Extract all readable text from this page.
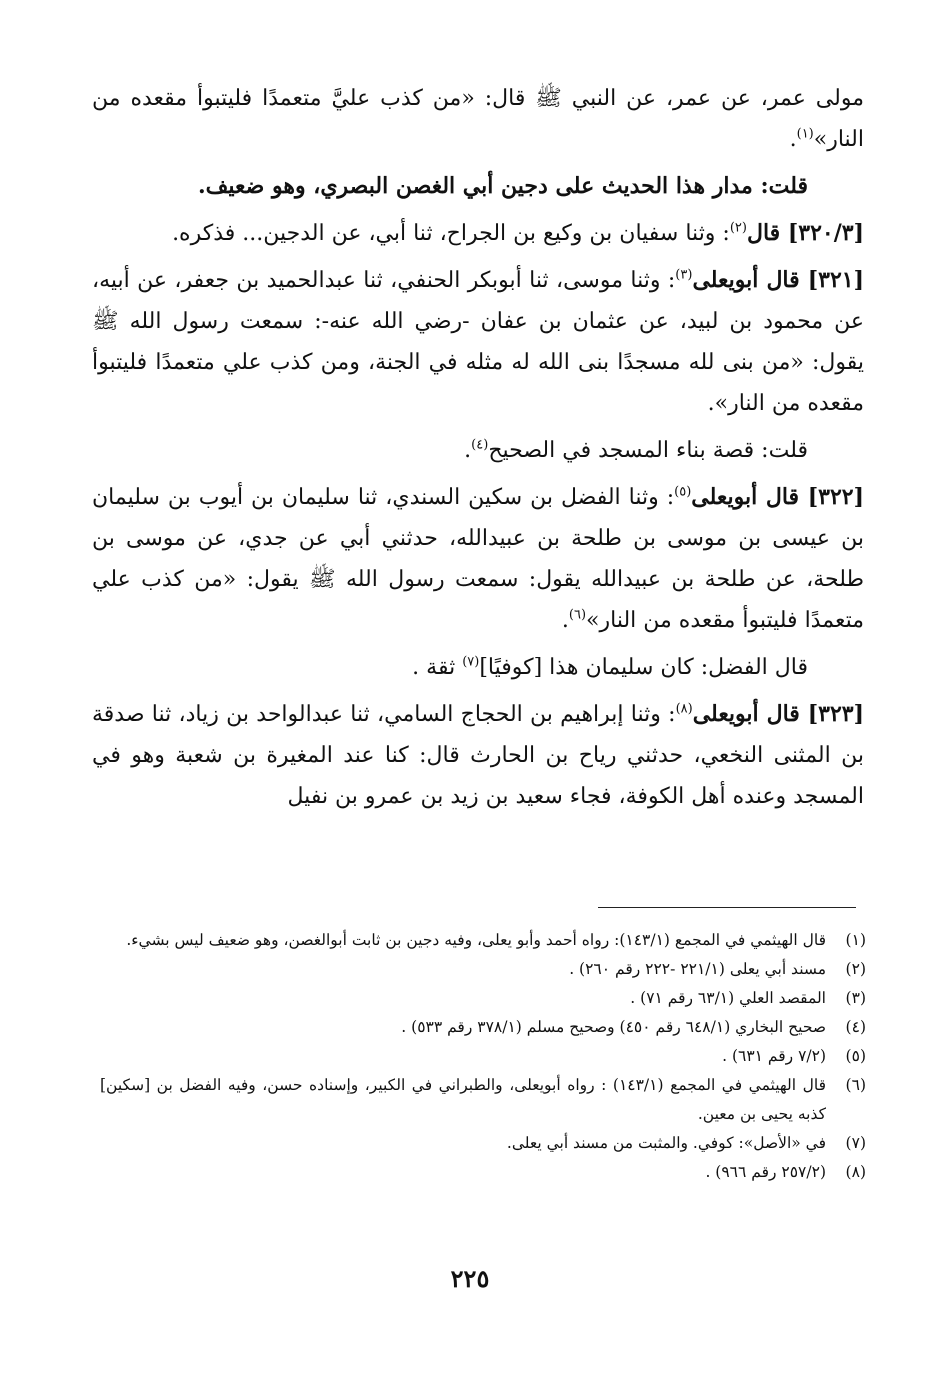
مولى عمر، عن عمر، عن النبي ﷺ قال: «من كذب عليَّ متعمدًا فليتبوأ مقعده من النار»$^{(١)}$.

قلت: مدار هذا الحديث على دجين أبي الغصن البصري، وهو ضعيف.

[٣٢٠/٣] قال$^{(٢)}$: وثنا سفيان بن وكيع بن الجراح، ثنا أبي، عن الدجين... فذكره.

[٣٢١] قال أبويعلى$^{(٣)}$: وثنا موسى، ثنا أبوبكر الحنفي، ثنا عبدالحميد بن جعفر، عن أبيه، عن محمود بن لبيد، عن عثمان بن عفان -رضي الله عنه-: سمعت رسول الله ﷺ يقول: «من بنى لله مسجدًا بنى الله له مثله في الجنة، ومن كذب علي متعمدًا فليتبوأ مقعده من النار».

قلت: قصة بناء المسجد في الصحيح$^{(٤)}$.

[٣٢٢] قال أبويعلى$^{(٥)}$: وثنا الفضل بن سكين السندي، ثنا سليمان بن أيوب بن سليمان بن عيسى بن موسى بن طلحة بن عبيدالله، حدثني أبي عن جدي، عن موسى بن طلحة، عن طلحة بن عبيدالله يقول: سمعت رسول الله ﷺ يقول: «من كذب علي متعمدًا فليتبوأ مقعده من النار»$^{(٦)}$.

قال الفضل: كان سليمان هذا [كوفيًا]$^{(٧)}$ ثقة .

[٣٢٣] قال أبويعلى$^{(٨)}$: وثنا إبراهيم بن الحجاج السامي، ثنا عبدالواحد بن زياد، ثنا صدقة بن المثنى النخعي، حدثني رياح بن الحارث قال: كنا عند المغيرة بن شعبة وهو في المسجد وعنده أهل الكوفة، فجاء سعيد بن زيد بن عمرو بن نفيل

(١)
قال الهيثمي في المجمع (١٤٣/١): رواه أحمد وأبو يعلى، وفيه دجين بن ثابت أبوالغصن، وهو ضعيف ليس بشيء.
(٢)
مسند أبي يعلى (٢٢١/١ -٢٢٢ رقم ٢٦٠) .
(٣)
المقصد العلي (٦٣/١ رقم ٧١) .
(٤)
صحيح البخاري (٦٤٨/١ رقم ٤٥٠) وصحيح مسلم (٣٧٨/١ رقم ٥٣٣) .
(٥)
(٧/٢ رقم ٦٣١) .
(٦)
قال الهيثمي في المجمع (١٤٣/١) : رواه أبويعلى، والطبراني في الكبير، وإسناده حسن، وفيه الفضل بن [سكين] كذبه يحيى بن معين.
(٧)
في «الأصل»: كوفي. والمثبت من مسند أبي يعلى.
(٨)
(٢٥٧/٢ رقم ٩٦٦) .
٢٢٥
